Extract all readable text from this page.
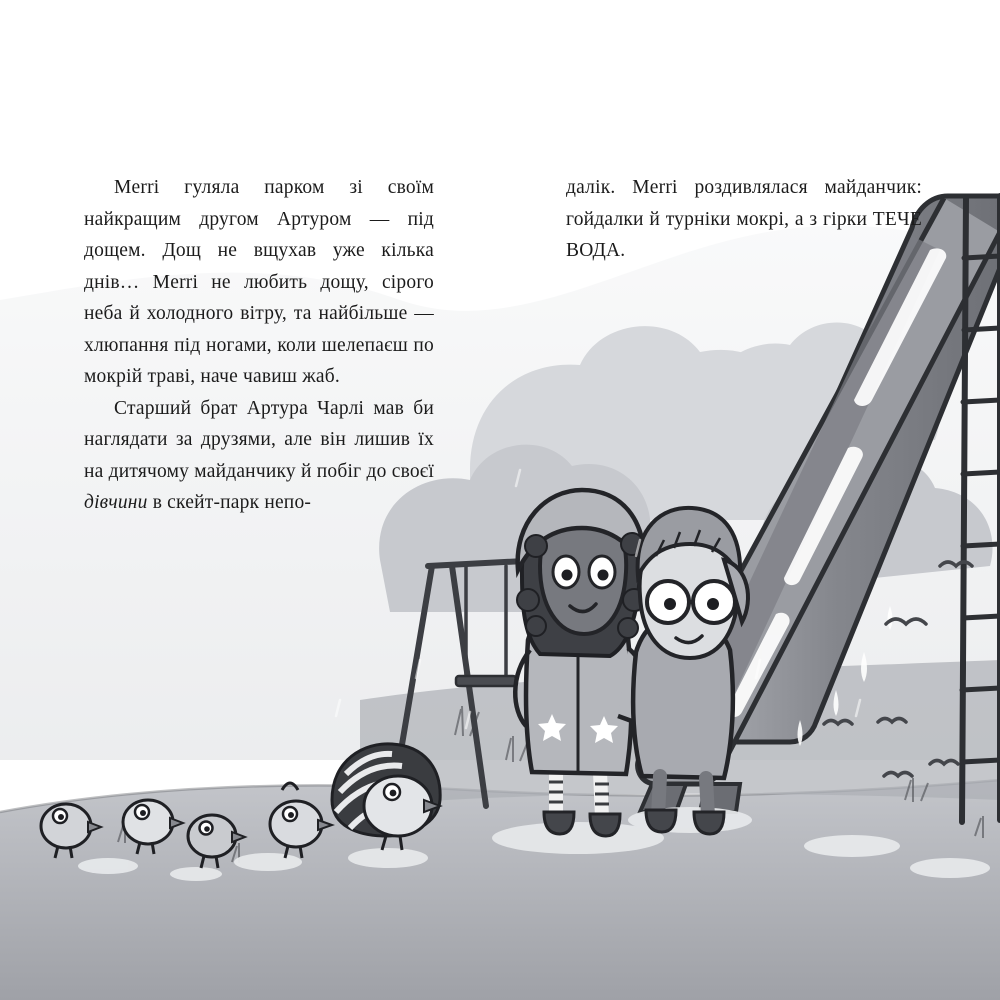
Merri гуляла парком зі своїм найкращим другом Артуром — під дощем. Дощ не вщухав уже кілька днів… Merri не любить дощу, сірого неба й холодного вітру, та найбільше — хлюпання під ногами, коли шелепаєш по мокрій траві, наче чавиш жаб.

Старший брат Артура Чарлі мав би наглядати за друзями, але він лишив їх на дитячому майданчику й побіг до своєї дівчини в скейт-парк непо-

далік. Merri роздивлялася майданчик: гойдалки й турніки мокрі, а з гірки ТЕЧЕ ВОДА.
